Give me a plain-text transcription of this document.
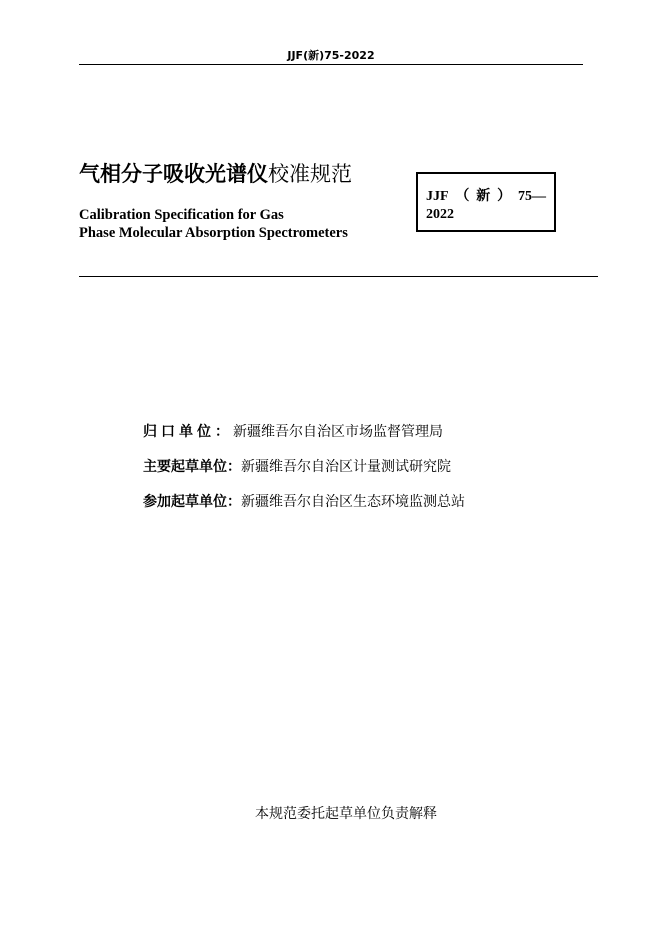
JJF(新)75-2022
气相分子吸收光谱仪校准规范
Calibration Specification for Gas
Phase Molecular Absorption Spectrometers
JJF （ 新 ） 75—
2022
归口单位：新疆维吾尔自治区市场监督管理局
主要起草单位：新疆维吾尔自治区计量测试研究院
参加起草单位：新疆维吾尔自治区生态环境监测总站
本规范委托起草单位负责解释
